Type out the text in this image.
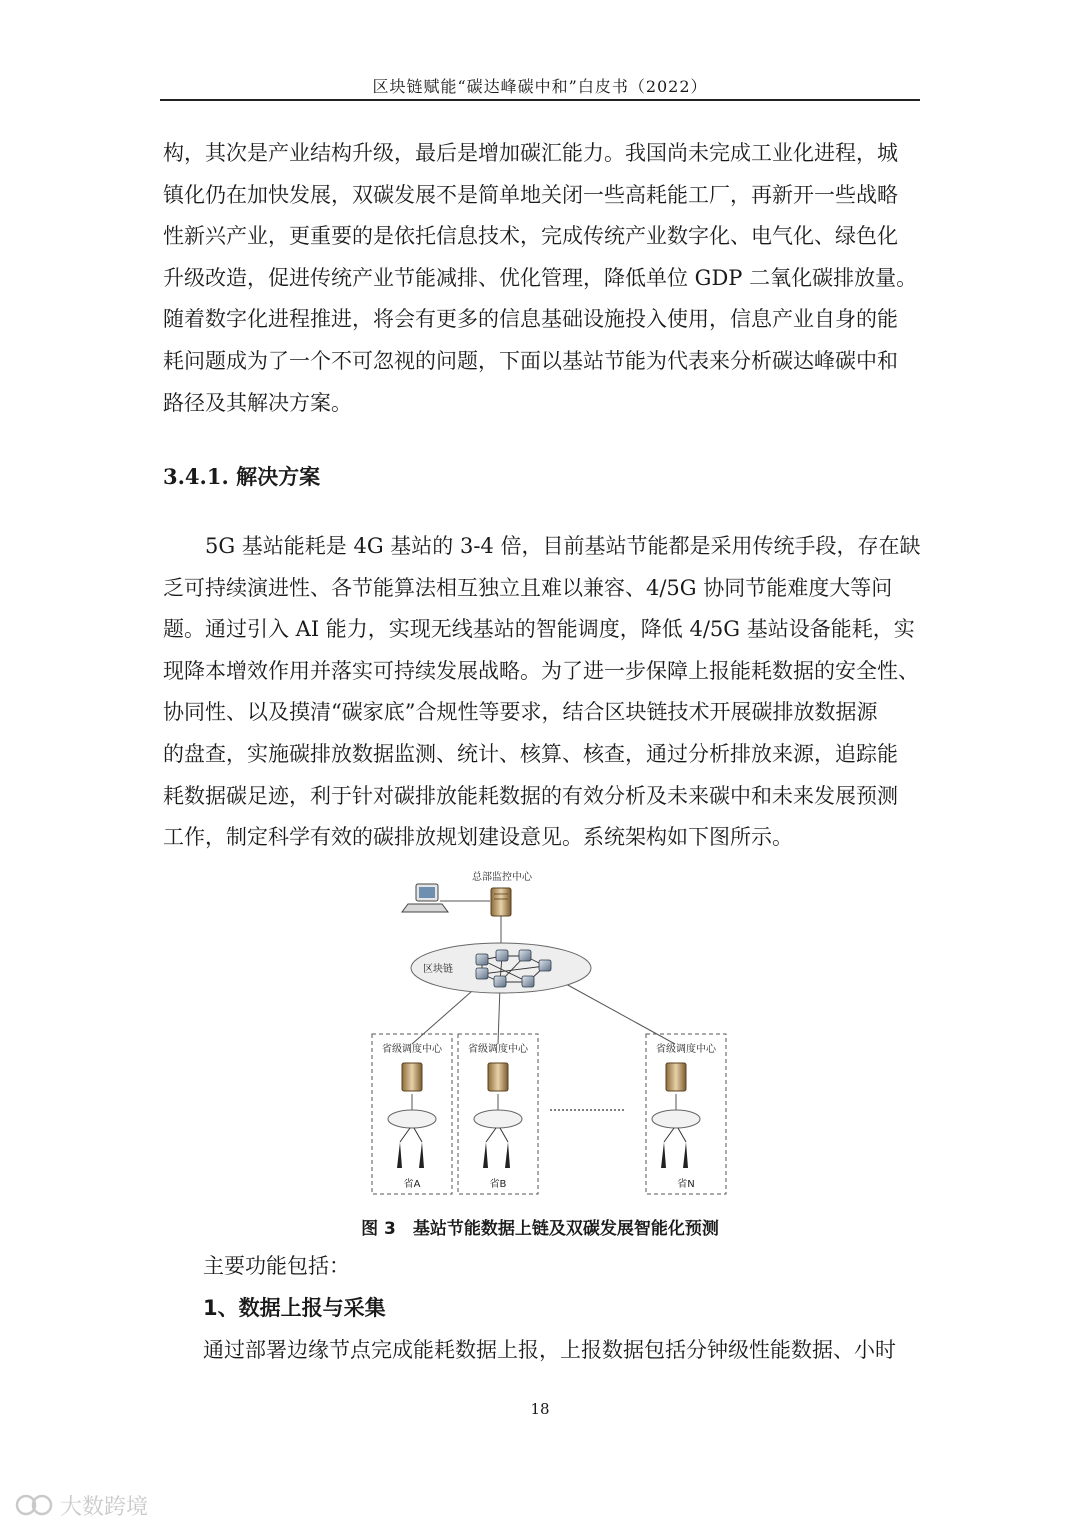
区块链赋能“碳达峰碳中和”白皮书（2022）
构，其次是产业结构升级，最后是增加碳汇能力。我国尚未完成工业化进程，城
镇化仍在加快发展，双碳发展不是简单地关闭一些高耗能工厂，再新开一些战略
性新兴产业，更重要的是依托信息技术，完成传统产业数字化、电气化、绿色化
升级改造，促进传统产业节能减排、优化管理，降低单位 GDP 二氧化碳排放量。
随着数字化进程推进，将会有更多的信息基础设施投入使用，信息产业自身的能
耗问题成为了一个不可忽视的问题，下面以基站节能为代表来分析碳达峰碳中和
路径及其解决方案。
3.4.1. 解决方案
　　5G 基站能耗是 4G 基站的 3-4 倍，目前基站节能都是采用传统手段，存在缺
乏可持续演进性、各节能算法相互独立且难以兼容、4/5G 协同节能难度大等问
题。通过引入 AI 能力，实现无线基站的智能调度，降低 4/5G 基站设备能耗，实
现降本增效作用并落实可持续发展战略。为了进一步保障上报能耗数据的安全性、
协同性、以及摸清“碳家底”合规性等要求，结合区块链技术开展碳排放数据源
的盘查，实施碳排放数据监测、统计、核算、核查，通过分析排放来源，追踪能
耗数据碳足迹，利于针对碳排放能耗数据的有效分析及未来碳中和未来发展预测
工作，制定科学有效的碳排放规划建设意见。系统架构如下图所示。
总部监控中心
区块链
省级调度中心
省A
省级调度中心
省B
省级调度中心
省N
图 3　基站节能数据上链及双碳发展智能化预测
主要功能包括：
1、数据上报与采集
通过部署边缘节点完成能耗数据上报，上报数据包括分钟级性能数据、小时
18
大数跨境
